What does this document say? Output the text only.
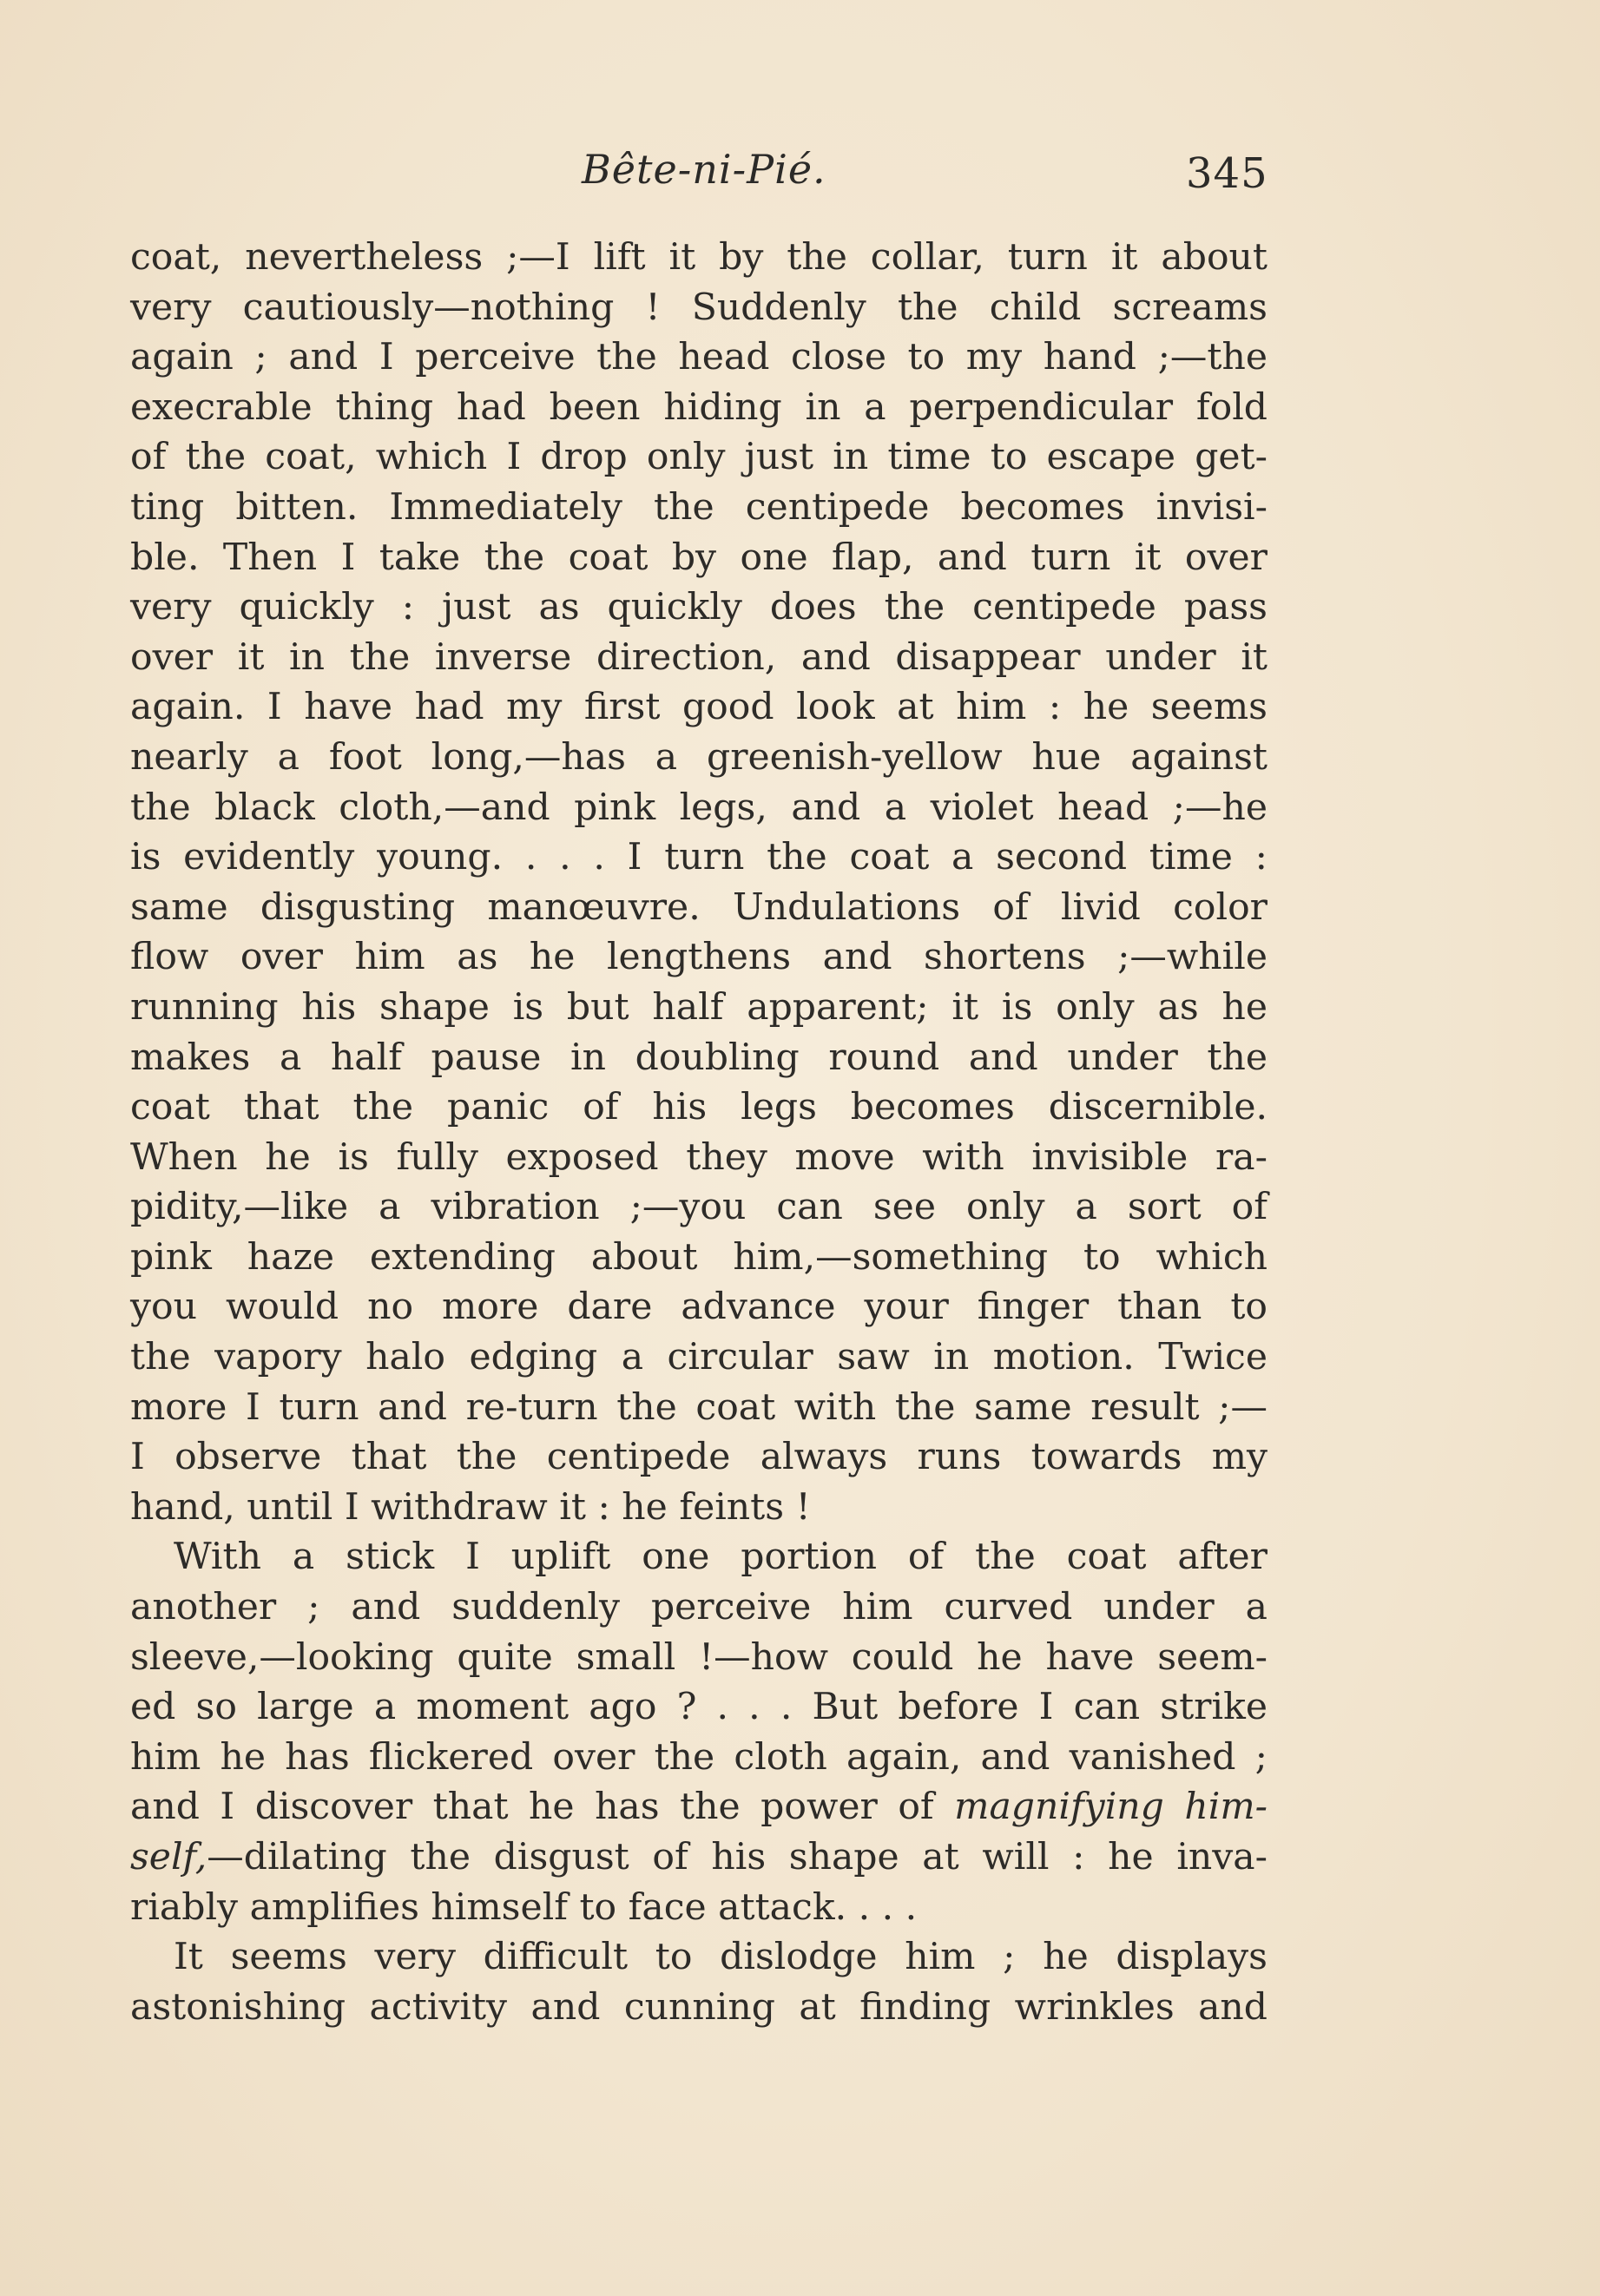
Bête-ni-Pié.	345
coat, nevertheless ;—I lift it by the collar, turn it about
very cautiously—nothing ! Suddenly the child screams
again ; and I perceive the head close to my hand ;—the
execrable thing had been hiding in a perpendicular fold
of the coat, which I drop only just in time to escape get-
ting bitten. Immediately the centipede becomes invisi-
ble. Then I take the coat by one flap, and turn it over
very quickly : just as quickly does the centipede pass
over it in the inverse direction, and disappear under it
again. I have had my first good look at him : he seems
nearly a foot long,—has a greenish-yellow hue against
the black cloth,—and pink legs, and a violet head ;—he
is evidently young. . . . I turn the coat a second time :
same disgusting manœuvre. Undulations of livid color
flow over him as he lengthens and shortens ;—while
running his shape is but half apparent; it is only as he
makes a half pause in doubling round and under the
coat that the panic of his legs becomes discernible.
When he is fully exposed they move with invisible ra-
pidity,—like a vibration ;—you can see only a sort of
pink haze extending about him,—something to which
you would no more dare advance your finger than to
the vapory halo edging a circular saw in motion. Twice
more I turn and re-turn the coat with the same result ;—
I observe that the centipede always runs towards my
hand, until I withdraw it : he feints !
With a stick I uplift one portion of the coat after
another ; and suddenly perceive him curved under a
sleeve,—looking quite small !—how could he have seem-
ed so large a moment ago ? . . . But before I can strike
him he has flickered over the cloth again, and vanished ;
and I discover that he has the power of magnifying him-
self,—dilating the disgust of his shape at will : he inva-
riably amplifies himself to face attack. . . .
It seems very difficult to dislodge him ; he displays
astonishing activity and cunning at finding wrinkles and
